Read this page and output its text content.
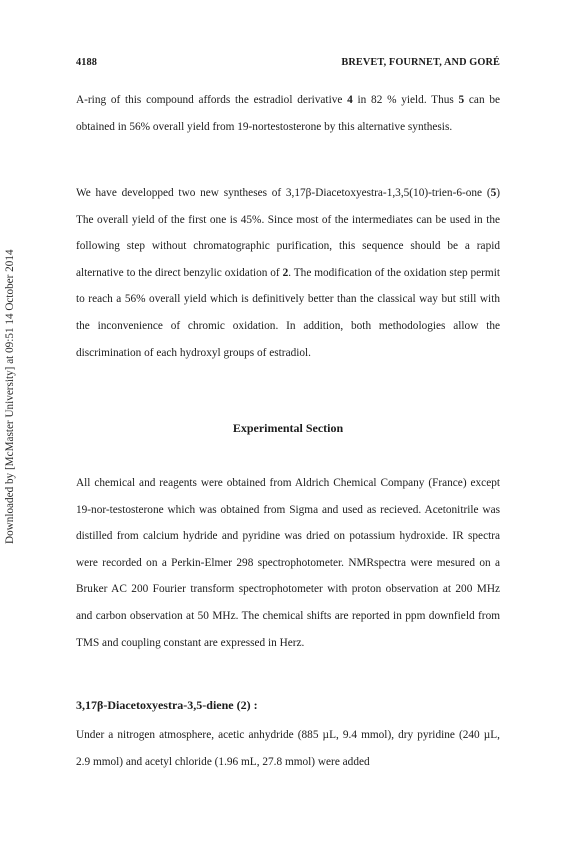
Downloaded by [McMaster University] at 09:51 14 October 2014
4188	BREVET, FOURNET, AND GORÉ

A-ring of this compound affords the estradiol derivative 4 in 82 % yield. Thus 5 can be obtained in 56% overall yield from 19-nortestosterone by this alternative synthesis.

We have developped two new syntheses of 3,17β-Diacetoxyestra-1,3,5(10)-trien-6-one (5) The overall yield of the first one is 45%. Since most of the intermediates can be used in the following step without chromatographic purification, this sequence should be a rapid alternative to the direct benzylic oxidation of 2. The modification of the oxidation step permit to reach a 56% overall yield which is definitively better than the classical way but still with the inconvenience of chromic oxidation. In addition, both methodologies allow the discrimination of each hydroxyl groups of estradiol.

Experimental Section

All chemical and reagents were obtained from Aldrich Chemical Company (France) except 19-nor-testosterone which was obtained from Sigma and used as recieved. Acetonitrile was distilled from calcium hydride and pyridine was dried on potassium hydroxide. IR spectra were recorded on a Perkin-Elmer 298 spectrophotometer. NMRspectra were mesured on a Bruker AC 200 Fourier transform spectrophotometer with proton observation at 200 MHz and carbon observation at 50 MHz. The chemical shifts are reported in ppm downfield from TMS and coupling constant are expressed in Herz.

3,17β-Diacetoxyestra-3,5-diene (2) :

Under a nitrogen atmosphere, acetic anhydride (885 µL, 9.4 mmol), dry pyridine (240 µL, 2.9 mmol) and acetyl chloride (1.96 mL, 27.8 mmol) were added
